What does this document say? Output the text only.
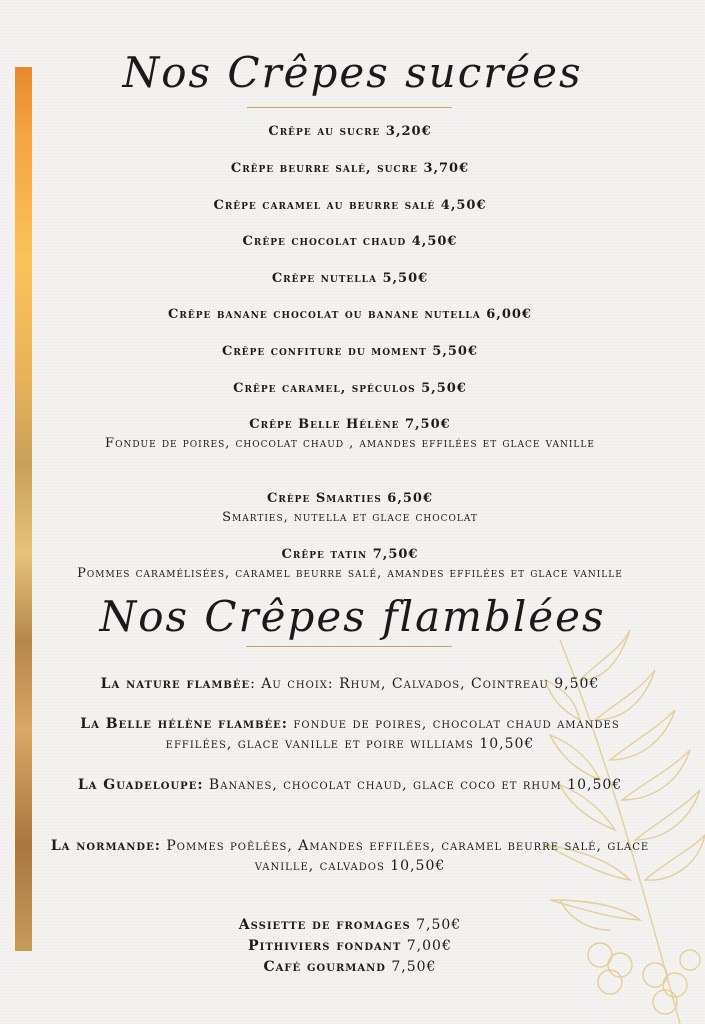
Nos Crêpes sucrées
Crêpe au sucre 3,20€
Crêpe beurre salé, sucre 3,70€
Crêpe caramel au beurre salé 4,50€
Crêpe chocolat chaud 4,50€
Crêpe nutella 5,50€
Crêpe banane chocolat ou banane nutella 6,00€
Crêpe confiture du moment 5,50€
Crêpe caramel, spéculos 5,50€
Crêpe Belle Hélène 7,50€
Fondue de poires, chocolat chaud , amandes effilées et glace vanille
Crèpe Smarties 6,50€
Smarties, nutella et glace chocolat
Crêpe tatin 7,50€
Pommes caramélisées, caramel beurre salé, amandes effilées et glace vanille
Nos Crêpes flamblées
La nature flambée: Au choix: Rhum, Calvados, Cointreau 9,50€
La Belle hélène flambée: fondue de poires, chocolat chaud amandes effilées, glace vanille et poire williams 10,50€
La Guadeloupe: Bananes, chocolat chaud, glace coco et rhum 10,50€
La normande: Pommes poêlées, Amandes effilées, caramel beurre salé, glace vanille, calvados 10,50€
Assiette de fromages 7,50€
Pithiviers fondant 7,00€
Café gourmand 7,50€
